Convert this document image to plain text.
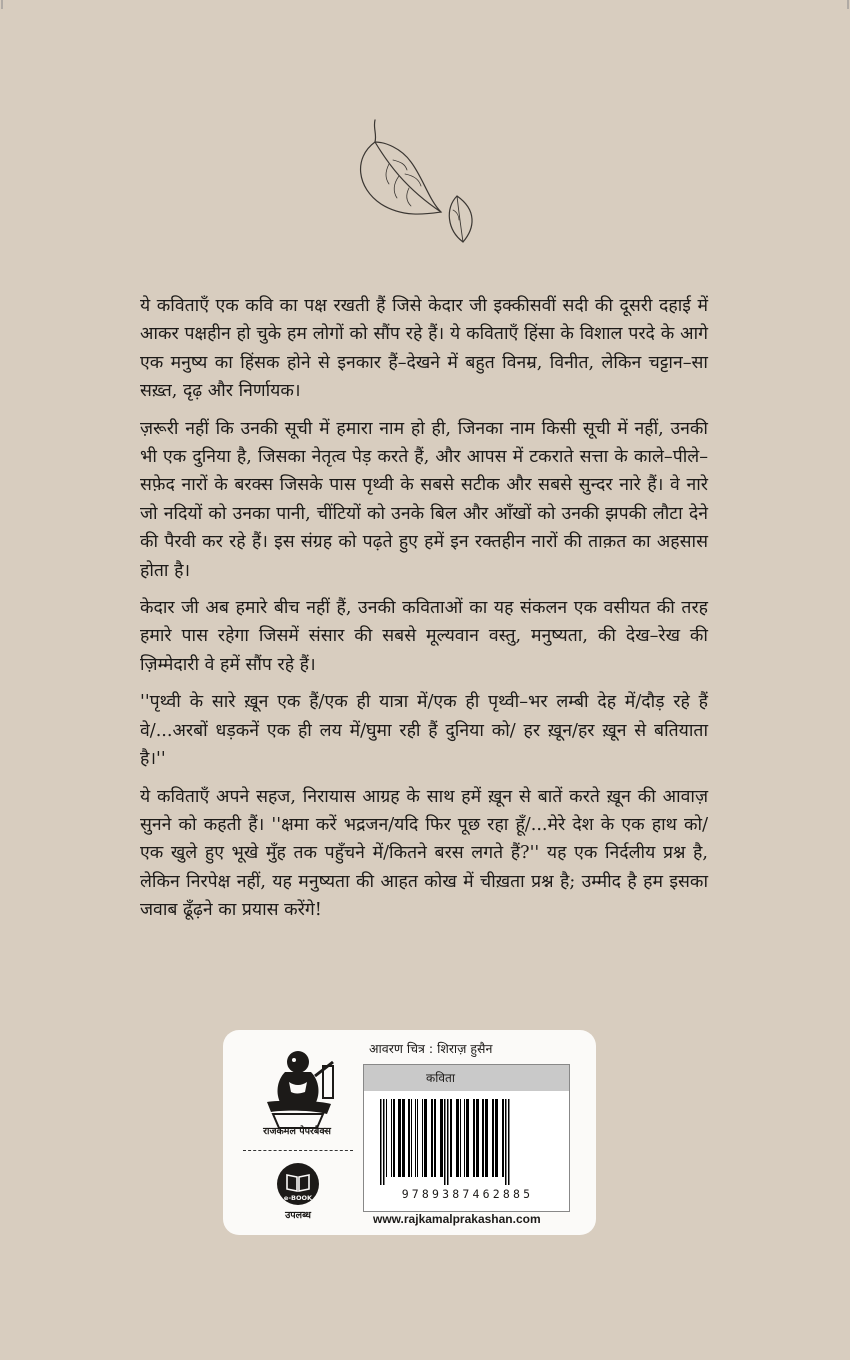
ये कविताएँ एक कवि का पक्ष रखती हैं जिसे केदार जी इक्कीसवीं सदी की दूसरी दहाई में आकर पक्षहीन हो चुके हम लोगों को सौंप रहे हैं। ये कविताएँ हिंसा के विशाल परदे के आगे एक मनुष्य का हिंसक होने से इनकार हैं–देखने में बहुत विनम्र, विनीत, लेकिन चट्टान–सा सख़्त, दृढ़ और निर्णायक।

ज़रूरी नहीं कि उनकी सूची में हमारा नाम हो ही, जिनका नाम किसी सूची में नहीं, उनकी भी एक दुनिया है, जिसका नेतृत्व पेड़ करते हैं, और आपस में टकराते सत्ता के काले–पीले–सफ़ेद नारों के बरक्स जिसके पास पृथ्वी के सबसे सटीक और सबसे सुन्दर नारे हैं। वे नारे जो नदियों को उनका पानी, चींटियों को उनके बिल और आँखों को उनकी झपकी लौटा देने की पैरवी कर रहे हैं। इस संग्रह को पढ़ते हुए हमें इन रक्तहीन नारों की ताक़त का अहसास होता है।

केदार जी अब हमारे बीच नहीं हैं, उनकी कविताओं का यह संकलन एक वसीयत की तरह हमारे पास रहेगा जिसमें संसार की सबसे मूल्यवान वस्तु, मनुष्यता, की देख–रेख की ज़िम्मेदारी वे हमें सौंप रहे हैं।

''पृथ्वी के सारे ख़ून एक हैं/एक ही यात्रा में/एक ही पृथ्वी–भर लम्बी देह में/दौड़ रहे हैं वे/...अरबों धड़कनें एक ही लय में/घुमा रही हैं दुनिया को/ हर ख़ून/हर ख़ून से बतियाता है।''

ये कविताएँ अपने सहज, निरायास आग्रह के साथ हमें ख़ून से बातें करते ख़ून की आवाज़ सुनने को कहती हैं। ''क्षमा करें भद्रजन/यदि फिर पूछ रहा हूँ/...मेरे देश के एक हाथ को/एक खुले हुए भूखे मुँह तक पहुँचने में/कितने बरस लगते हैं?'' यह एक निर्दलीय प्रश्न है, लेकिन निरपेक्ष नहीं, यह मनुष्यता की आहत कोख में चीख़ता प्रश्न है; उम्मीद है हम इसका जवाब ढूँढ़ने का प्रयास करेंगे!

राजकमल पेपरबैक्स
e-BOOK
उपलब्ध
आवरण चित्र : शिराज़ हुसैन
कविता
9789387462885
www.rajkamalprakashan.com
